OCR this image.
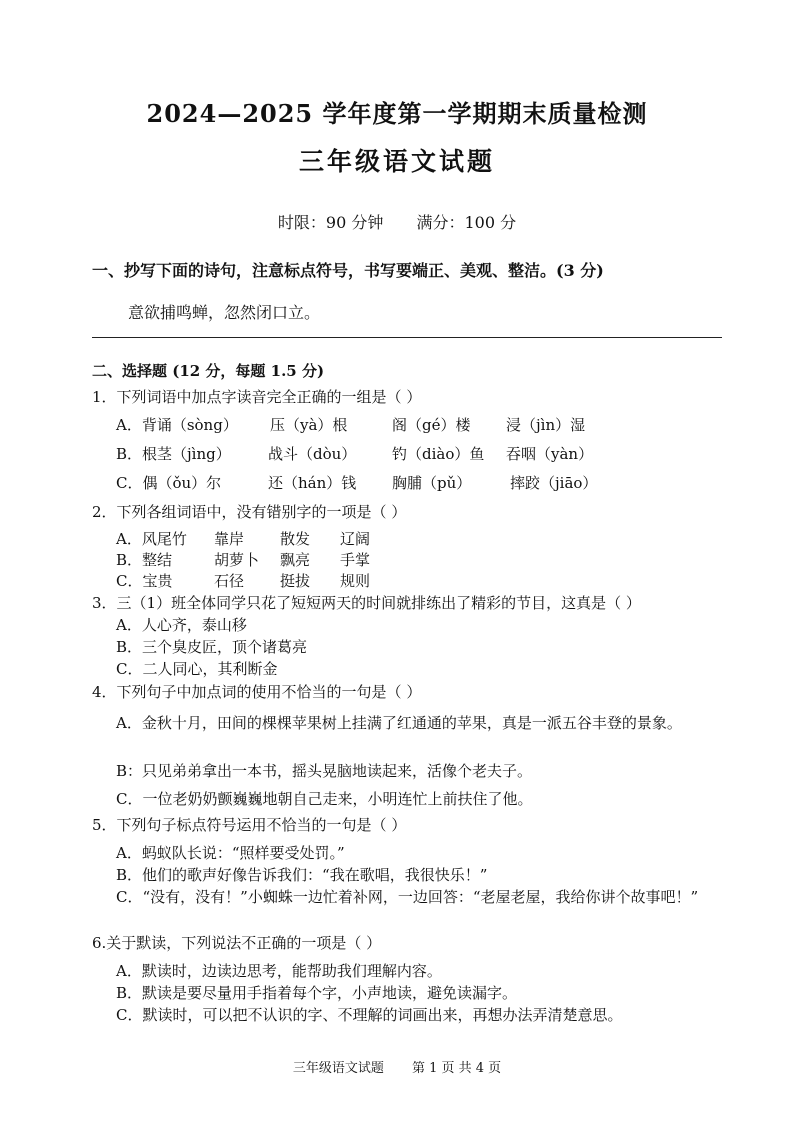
2024—2025 学年度第一学期期末质量检测
三年级语文试题
时限：90 分钟 满分：100 分
一、抄写下面的诗句，注意标点符号，书写要端正、美观、整洁。(3 分)
意欲捕鸣蝉，忽然闭口立。
二、选择题 (12 分，每题 1.5 分)
1．下列词语中加点字读音完全正确的一组是（ ）
A．背诵（sòng） 压（yà）根	阁（gé）楼 浸（jìn）湿
B．根茎（jìng） 战斗（dòu） 钓（diào）鱼 吞咽（yàn）
C．偶（ǒu）尔	还（hán）钱 胸脯（pǔ）	摔跤（jiāo）
2．下列各组词语中，没有错别字的一项是（ ）
A．风尾竹 靠岸 散发 辽阔
B．整结	胡萝卜 飘亮 手掌
C．宝贵	石径 挺拔 规则
3．三（1）班全体同学只花了短短两天的时间就排练出了精彩的节目，这真是（ ）
A．人心齐，泰山移
B．三个臭皮匠，顶个诸葛亮
C．二人同心，其利断金
4．下列句子中加点词的使用不恰当的一句是（ ）
A．金秋十月，田间的棵棵苹果树上挂满了红通通的苹果，真是一派五谷丰登的景象。
B：只见弟弟拿出一本书，摇头晃脑地读起来，活像个老夫子。
C．一位老奶奶颤巍巍地朝自己走来，小明连忙上前扶住了他。
5．下列句子标点符号运用不恰当的一句是（ ）
A．蚂蚁队长说：“照样要受处罚。”
B．他们的歌声好像告诉我们：“我在歌唱，我很快乐！”
C．“没有，没有！”小蜘蛛一边忙着补网，一边回答：“老屋老屋，我给你讲个故事吧！”
6.关于默读，下列说法不正确的一项是（ ）
A．默读时，边读边思考，能帮助我们理解内容。
B．默读是要尽量用手指着每个字，小声地读，避免读漏字。
C．默读时，可以把不认识的字、不理解的词画出来，再想办法弄清楚意思。
三年级语文试题 第 1 页 共 4 页
